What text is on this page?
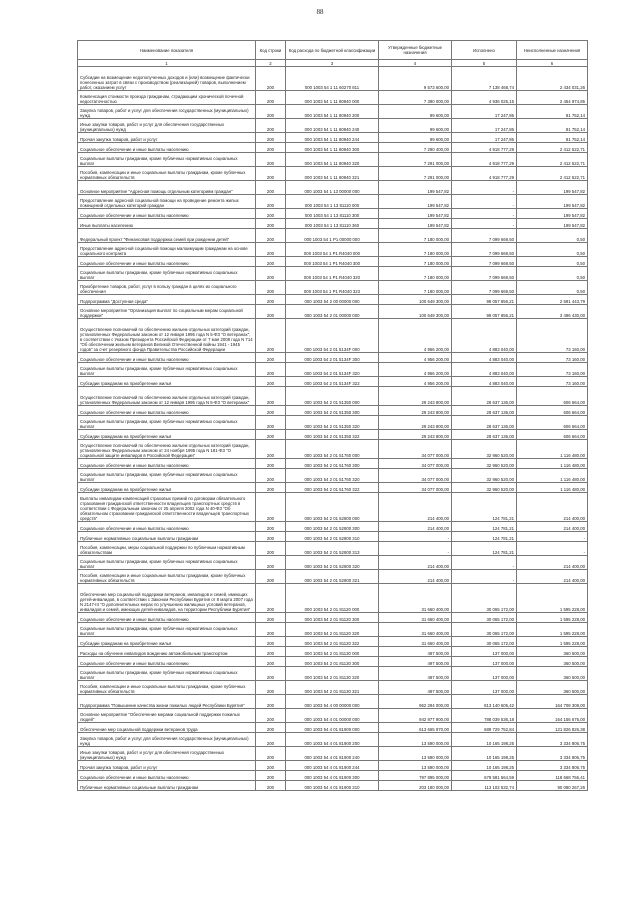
88
Наименование показателя	Код строки	Код расхода по бюджетной классификации	Утвержденные бюджетные назначения	Исполнено	Неисполненные назначения
1	2	3	4	5	6
Субсидии на возмещение недополученных доходов и (или) возмещение фактически понесенных затрат в связи с производством (реализацией) товаров, выполнением работ, оказанием услуг	200	000 1003 54 1 11 60270 811	9 573 600,00	7 138 468,74	2 434 031,26
Компенсация стоимости проезда гражданам, страдающим хронической почечной недостаточностью	200	000 1003 54 1 11 80940 000	7 390 000,00	4 936 025,15	2 454 974,85
Закупка товаров, работ и услуг для обеспечения государственных (муниципальных) нужд	200	000 1003 54 1 11 80940 200	99 600,00	17 247,86	81 752,14
Иные закупки товаров, работ и услуг для обеспечения государственных (муниципальных) нужд	200	000 1003 54 1 11 80940 240	99 600,00	17 247,86	81 752,14
Прочая закупка товаров, работ и услуг	200	000 1003 54 1 11 80940 244	99 600,00	17 247,86	81 752,14
Социальное обеспечение и иные выплаты населению	200	000 1003 54 1 11 80940 300	7 290 400,00	4 918 777,29	2 412 522,71
Социальные выплаты гражданам, кроме публичных нормативных социальных выплат	200	000 1003 54 1 11 80940 320	7 291 000,00	4 918 777,29	2 412 522,71
Пособия, компенсации и иные социальные выплаты гражданам, кроме публичных нормативных обязательств	200	000 1003 54 1 11 80940 321	7 291 000,00	4 918 777,29	2 412 522,71
Основное мероприятие "Адресная помощь отдельным категориям граждан"	200	000 1003 54 1 13 00000 000	199 547,82	-	199 547,82
Предоставление адресной социальной помощи на проведение ремонта жилых помещений отдельных категорий граждан	200	000 1003 54 1 13 81110 000	199 547,82	-	199 547,82
Социальное обеспечение и иные выплаты населению	200	000 1003 54 1 13 81110 300	199 547,82	-	199 547,82
Иные выплаты населению	200	000 1003 54 1 13 81110 360	199 547,82	-	199 547,82
Федеральный проект "Финансовая поддержка семей при рождении детей"	200	000 1003 54 1 P1 00000 000	7 180 000,00	7 099 669,50	0,50
Предоставление адресной социальной помощи малоимущим гражданам на основе социального контракта	200	000 1003 54 1 P1 R4040 000	7 180 000,00	7 099 669,50	0,50
Социальное обеспечение и иные выплаты населению	200	000 1003 54 1 P1 R4040 300	7 180 000,00	7 099 669,50	0,50
Социальные выплаты гражданам, кроме публичных нормативных социальных выплат	200	000 1003 54 1 P1 R4040 320	7 180 000,00	7 099 669,50	0,50
Приобретение товаров, работ, услуг в пользу граждан в целях их социального обеспечения	200	000 1003 54 1 P1 R4040 323	7 180 000,00	7 099 669,50	0,50
Подпрограмма "Доступная среда"	200	000 1003 54 2 00 00000 000	100 649 300,00	98 057 856,21	2 591 443,79
Основное мероприятие "Организация выплат по социальным мерам социальной поддержки"	200	000 1003 54 2 01 00000 000	100 649 300,00	98 057 856,21	3 496 430,00
Осуществление полномочий по обеспечению жильем отдельных категорий граждан, установленных Федеральным законом от 12 января 1995 года N 5-ФЗ "О ветеранах", в соответствии с Указом Президента Российской Федерации от 7 мая 2008 года N 714 "Об обеспечении жильем ветеранов Великой Отечественной войны 1941 - 1945 годов" за счет резервного фонда Правительства Российской Федерации	200	000 1003 54 2 01 5134F 000	4 956 200,00	4 883 040,00	73 160,00
Социальное обеспечение и иные выплаты населению	200	000 1003 54 2 01 5134F 300	4 956 200,00	4 883 040,00	73 160,00
Социальные выплаты гражданам, кроме публичных нормативных социальных выплат	200	000 1003 54 2 01 5134F 320	4 956 200,00	4 883 040,00	73 160,00
Субсидии гражданам на приобретение жилья	200	000 1003 54 2 01 5134F 322	4 956 200,00	4 883 040,00	73 160,00
Осуществление полномочий по обеспечению жильем отдельных категорий граждан, установленных Федеральным законом от 12 января 1995 года N 5-ФЗ "О ветеранах"	200	000 1003 54 2 01 51350 000	29 243 800,00	28 637 136,00	606 664,00
Социальное обеспечение и иные выплаты населению	200	000 1003 54 2 01 51350 300	29 243 800,00	28 637 136,00	606 664,00
Социальные выплаты гражданам, кроме публичных нормативных социальных выплат	200	000 1003 54 2 01 51350 320	29 243 800,00	28 637 136,00	606 664,00
Субсидии гражданам на приобретение жилья	200	000 1003 54 2 01 51350 322	29 243 800,00	28 637 136,00	606 664,00
Осуществление полномочий по обеспечению жильем отдельных категорий граждан, установленных Федеральным законом от 24 ноября 1995 года N 181-ФЗ "О социальной защите инвалидов в Российской Федерации"	200	000 1003 54 2 01 51760 000	34 077 000,00	32 960 520,00	1 116 480,00
Социальное обеспечение и иные выплаты населению	200	000 1003 54 2 01 51760 300	34 077 000,00	32 960 520,00	1 116 480,00
Социальные выплаты гражданам, кроме публичных нормативных социальных выплат	200	000 1003 54 2 01 51760 320	34 077 000,00	32 960 520,00	1 116 480,00
Субсидии гражданам на приобретение жилья	200	000 1003 54 2 01 51760 322	34 077 000,00	32 960 520,00	1 116 480,00
Выплаты инвалидам компенсаций страховых премий по договорам обязательного страхования гражданской ответственности владельцев транспортных средств в соответствии с Федеральным законом от 25 апреля 2002 года N 40-ФЗ "Об обязательном страховании гражданской ответственности владельцев транспортных средств"	200	000 1003 54 2 01 52800 000	214 400,00	124 781,21	214 400,00
Социальное обеспечение и иные выплаты населению	200	000 1003 54 2 01 52800 300	214 400,00	124 781,21	214 400,00
Публичные нормативные социальные выплаты гражданам	200	000 1003 54 2 01 52800 310	-	124 781,21	-
Пособия, компенсации, меры социальной поддержки по публичным нормативным обязательствам	200	000 1003 54 2 01 52800 313	-	124 781,21	-
Социальные выплаты гражданам, кроме публичных нормативных социальных выплат	200	000 1003 54 2 01 52800 320	214 400,00	-	214 400,00
Пособия, компенсации и иные социальные выплаты гражданам, кроме публичных нормативных обязательств	200	000 1003 54 2 01 52800 321	214 400,00	-	214 400,00
Обеспечение мер социальной поддержки ветеранов, инвалидов и семей, имеющих детей-инвалидов, в соответствии с Законом Республики Бурятия от 8 марта 2007 года N 2147-III "О дополнительных мерах по улучшению жилищных условий ветеранов, инвалидов и семей, имеющих детей-инвалидов, на территории Республики Бурятия"	200	000 1003 54 2 01 81120 000	31 660 400,00	30 065 172,00	1 595 228,00
Социальное обеспечение и иные выплаты населению	200	000 1003 54 2 01 81120 300	31 660 400,00	30 065 172,00	1 595 228,00
Социальные выплаты гражданам, кроме публичных нормативных социальных выплат	200	000 1003 54 2 01 81120 320	31 660 400,00	30 065 172,00	1 595 228,00
Субсидии гражданам на приобретение жилья	200	000 1003 54 2 01 81120 322	31 660 400,00	30 065 172,00	1 595 228,00
Расходы на обучение инвалидов вождению автомобильным транспортом	200	000 1003 54 2 01 81130 000	497 500,00	137 000,00	360 500,00
Социальное обеспечение и иные выплаты населению	200	000 1003 54 2 01 81130 300	497 500,00	137 000,00	360 500,00
Социальные выплаты гражданам, кроме публичных нормативных социальных выплат	200	000 1003 54 2 01 81130 320	497 500,00	137 000,00	360 500,00
Пособия, компенсации и иные социальные выплаты гражданам, кроме публичных нормативных обязательств	200	000 1003 54 2 01 81130 321	497 500,00	137 000,00	360 500,00
Подпрограмма "Повышение качества жизни пожилых людей Республики Бурятия"	200	000 1003 54 4 00 00000 000	962 294 000,00	813 140 605,42	164 708 309,00
Основное мероприятие "Обеспечение мерами социальной поддержки пожилых людей"	200	000 1003 54 4 01 00000 000	942 977 900,00	788 039 536,18	164 156 676,00
Обеспечение мер социальной поддержки ветеранов труда	200	000 1003 54 4 01 81900 000	613 665 970,00	689 729 752,84	121 826 826,38
Закупка товаров, работ и услуг для обеспечения государственных (муниципальных) нужд	200	000 1003 54 4 01 81900 200	13 590 000,00	10 165 198,25	3 334 806,75
Иные закупки товаров, работ и услуг для обеспечения государственных (муниципальных) нужд	200	000 1003 54 4 01 81900 240	13 590 000,00	10 165 198,25	3 334 806,75
Прочая закупка товаров, работ и услуг	200	000 1003 54 4 01 81900 244	13 590 000,00	10 165 198,25	3 334 806,75
Социальное обеспечение и иные выплаты населению	200	000 1003 54 4 01 81900 300	797 895 000,00	678 581 564,59	118 668 756,41
Публичные нормативные социальные выплаты гражданам	200	000 1003 54 4 01 81900 310	203 180 000,00	113 102 532,74	90 080 267,26
